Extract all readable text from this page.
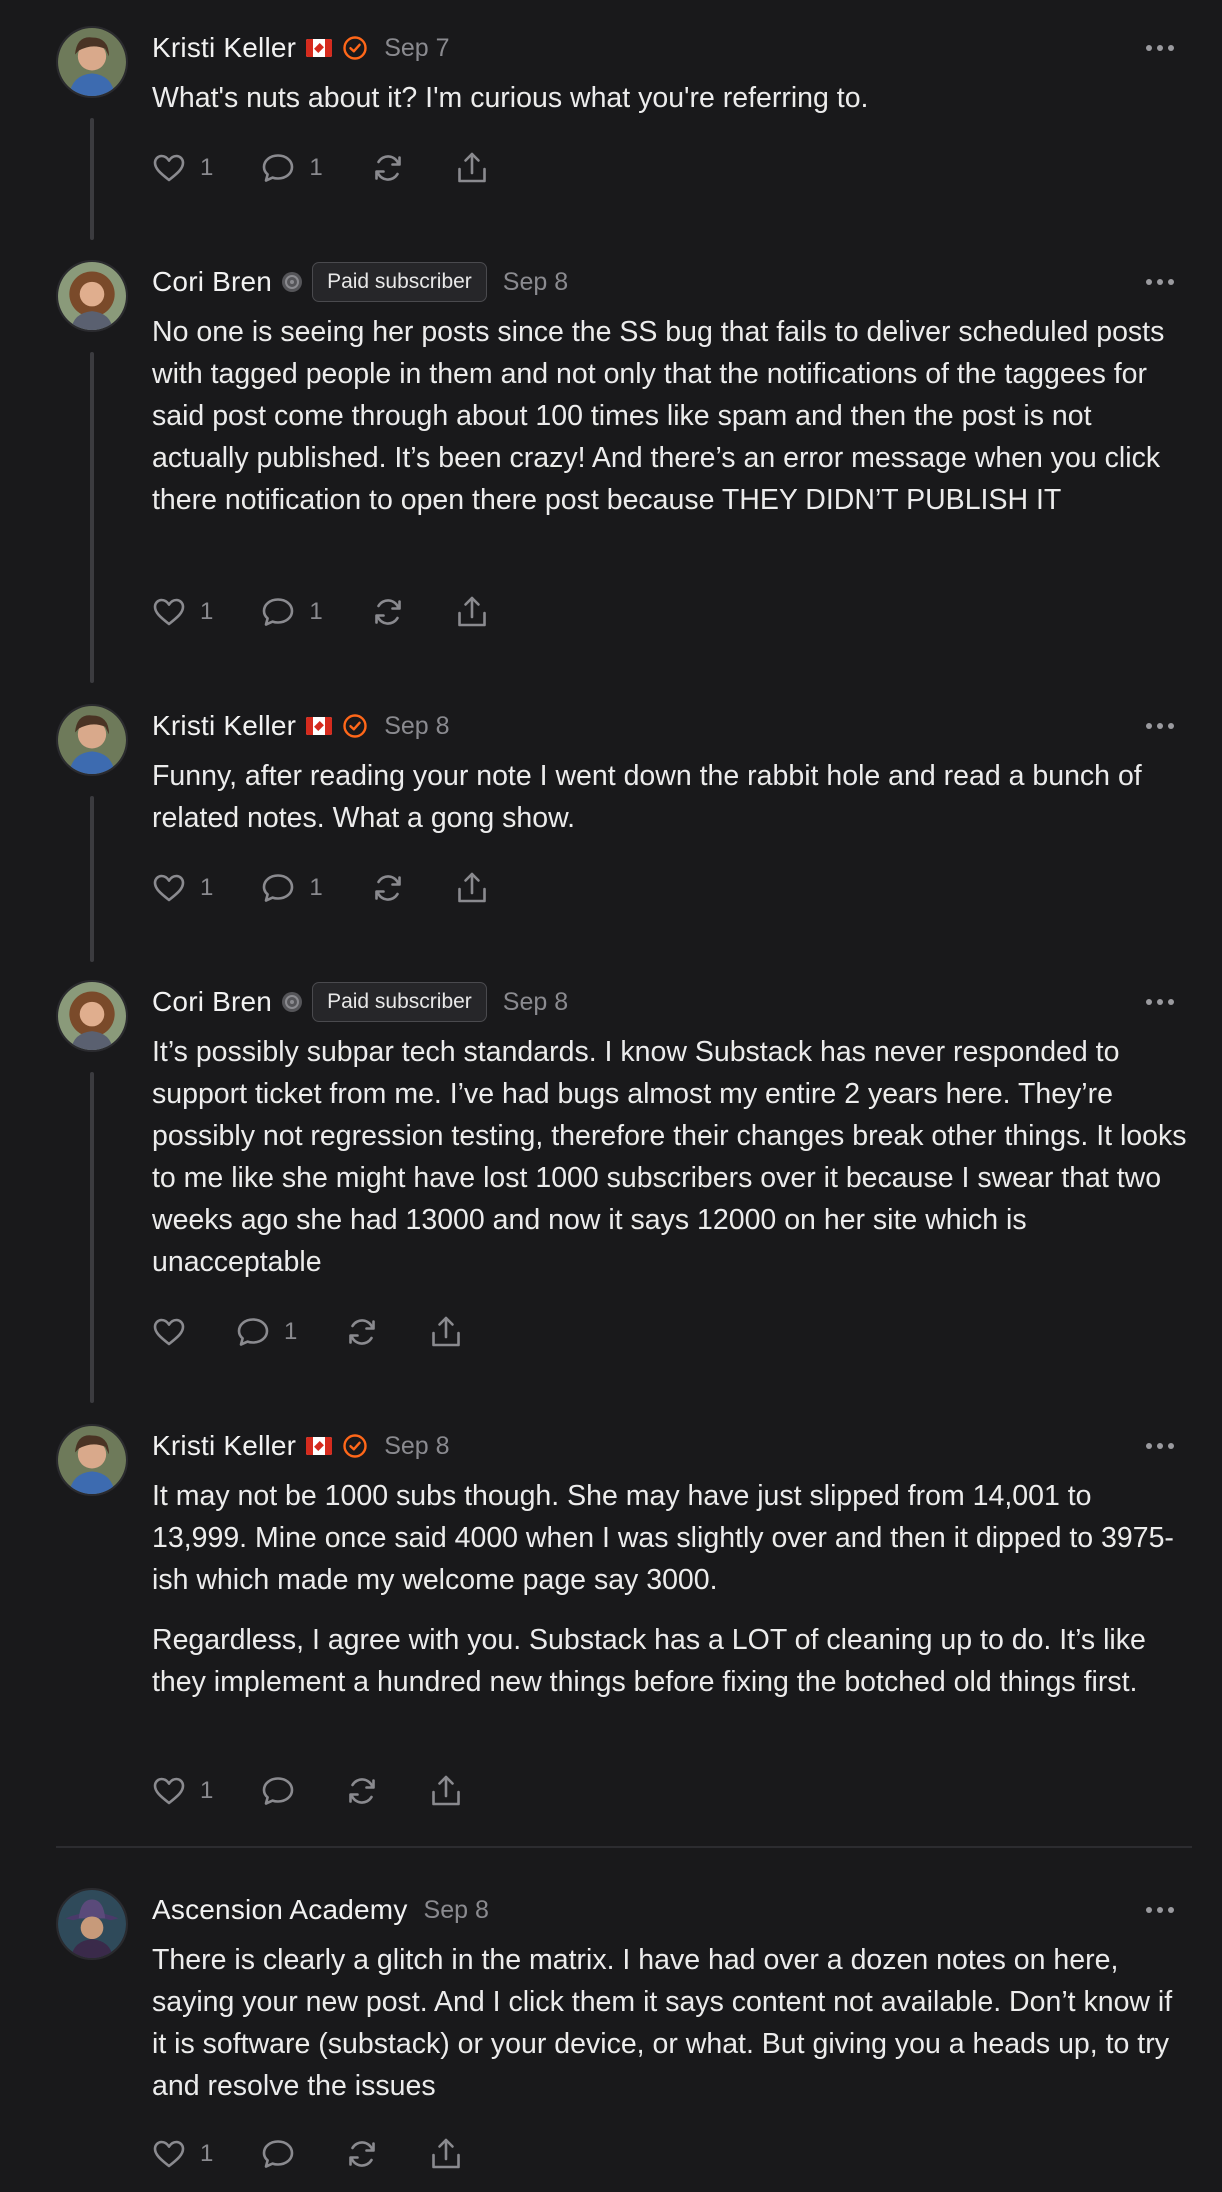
Kristi Keller	Sep 7

What's nuts about it? I'm curious what you're referring to.

1	1
Cori Bren	Paid subscriber	Sep 8

No one is seeing her posts since the SS bug that fails to deliver scheduled posts with tagged people in them and not only that the notifications of the taggees for said post come through about 100 times like spam and then the post is not actually published. It’s been crazy! And there’s an error message when you click there notification to open there post because THEY DIDN’T PUBLISH IT

1	1
Kristi Keller	Sep 8

Funny, after reading your note I went down the rabbit hole and read a bunch of related notes. What a gong show.

1	1
Cori Bren	Paid subscriber	Sep 8

It’s possibly subpar tech standards. I know Substack has never responded to support ticket from me. I’ve had bugs almost my entire 2 years here. They’re possibly not regression testing, therefore their changes break other things. It looks to me like she might have lost 1000 subscribers over it because I swear that two weeks ago she had 13000 and now it says 12000 on her site which is unacceptable

1
Kristi Keller	Sep 8

It may not be 1000 subs though. She may have just slipped from 14,001 to 13,999. Mine once said 4000 when I was slightly over and then it dipped to 3975-ish which made my welcome page say 3000.

Regardless, I agree with you. Substack has a LOT of cleaning up to do. It’s like they implement a hundred new things before fixing the botched old things first.

1
Ascension Academy Sep 8

There is clearly a glitch in the matrix. I have had over a dozen notes on here, saying your new post. And I click them it says content not available. Don’t know if it is software (substack) or your device, or what. But giving you a heads up, to try and resolve the issues

1
